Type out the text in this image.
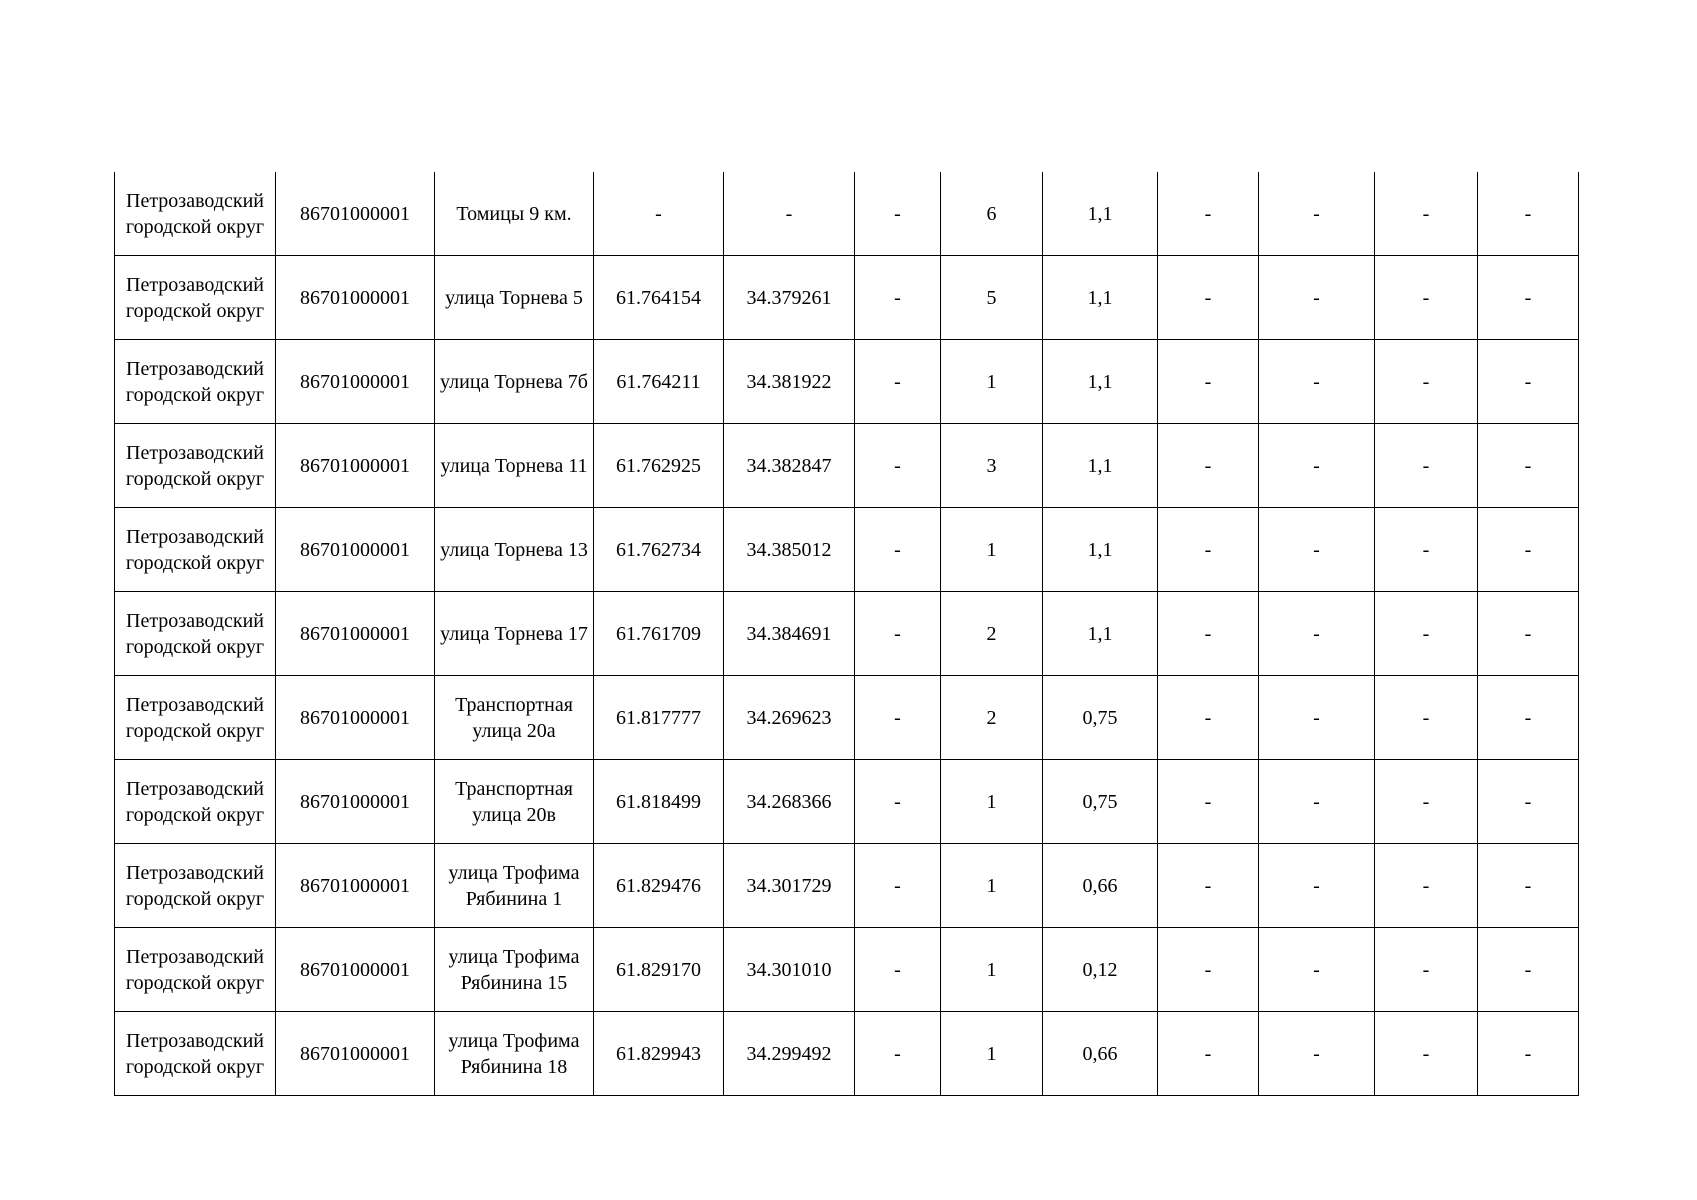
Петрозаводский городской округ	86701000001	Томицы 9 км.	-	-	-	6	1,1	-	-	-	-
Петрозаводский городской округ	86701000001	улица Торнева 5	61.764154	34.379261	-	5	1,1	-	-	-	-
Петрозаводский городской округ	86701000001	улица Торнева 7б	61.764211	34.381922	-	1	1,1	-	-	-	-
Петрозаводский городской округ	86701000001	улица Торнева 11	61.762925	34.382847	-	3	1,1	-	-	-	-
Петрозаводский городской округ	86701000001	улица Торнева 13	61.762734	34.385012	-	1	1,1	-	-	-	-
Петрозаводский городской округ	86701000001	улица Торнева 17	61.761709	34.384691	-	2	1,1	-	-	-	-
Петрозаводский городской округ	86701000001	Транспортная улица 20а	61.817777	34.269623	-	2	0,75	-	-	-	-
Петрозаводский городской округ	86701000001	Транспортная улица 20в	61.818499	34.268366	-	1	0,75	-	-	-	-
Петрозаводский городской округ	86701000001	улица Трофима Рябинина 1	61.829476	34.301729	-	1	0,66	-	-	-	-
Петрозаводский городской округ	86701000001	улица Трофима Рябинина 15	61.829170	34.301010	-	1	0,12	-	-	-	-
Петрозаводский городской округ	86701000001	улица Трофима Рябинина 18	61.829943	34.299492	-	1	0,66	-	-	-	-
